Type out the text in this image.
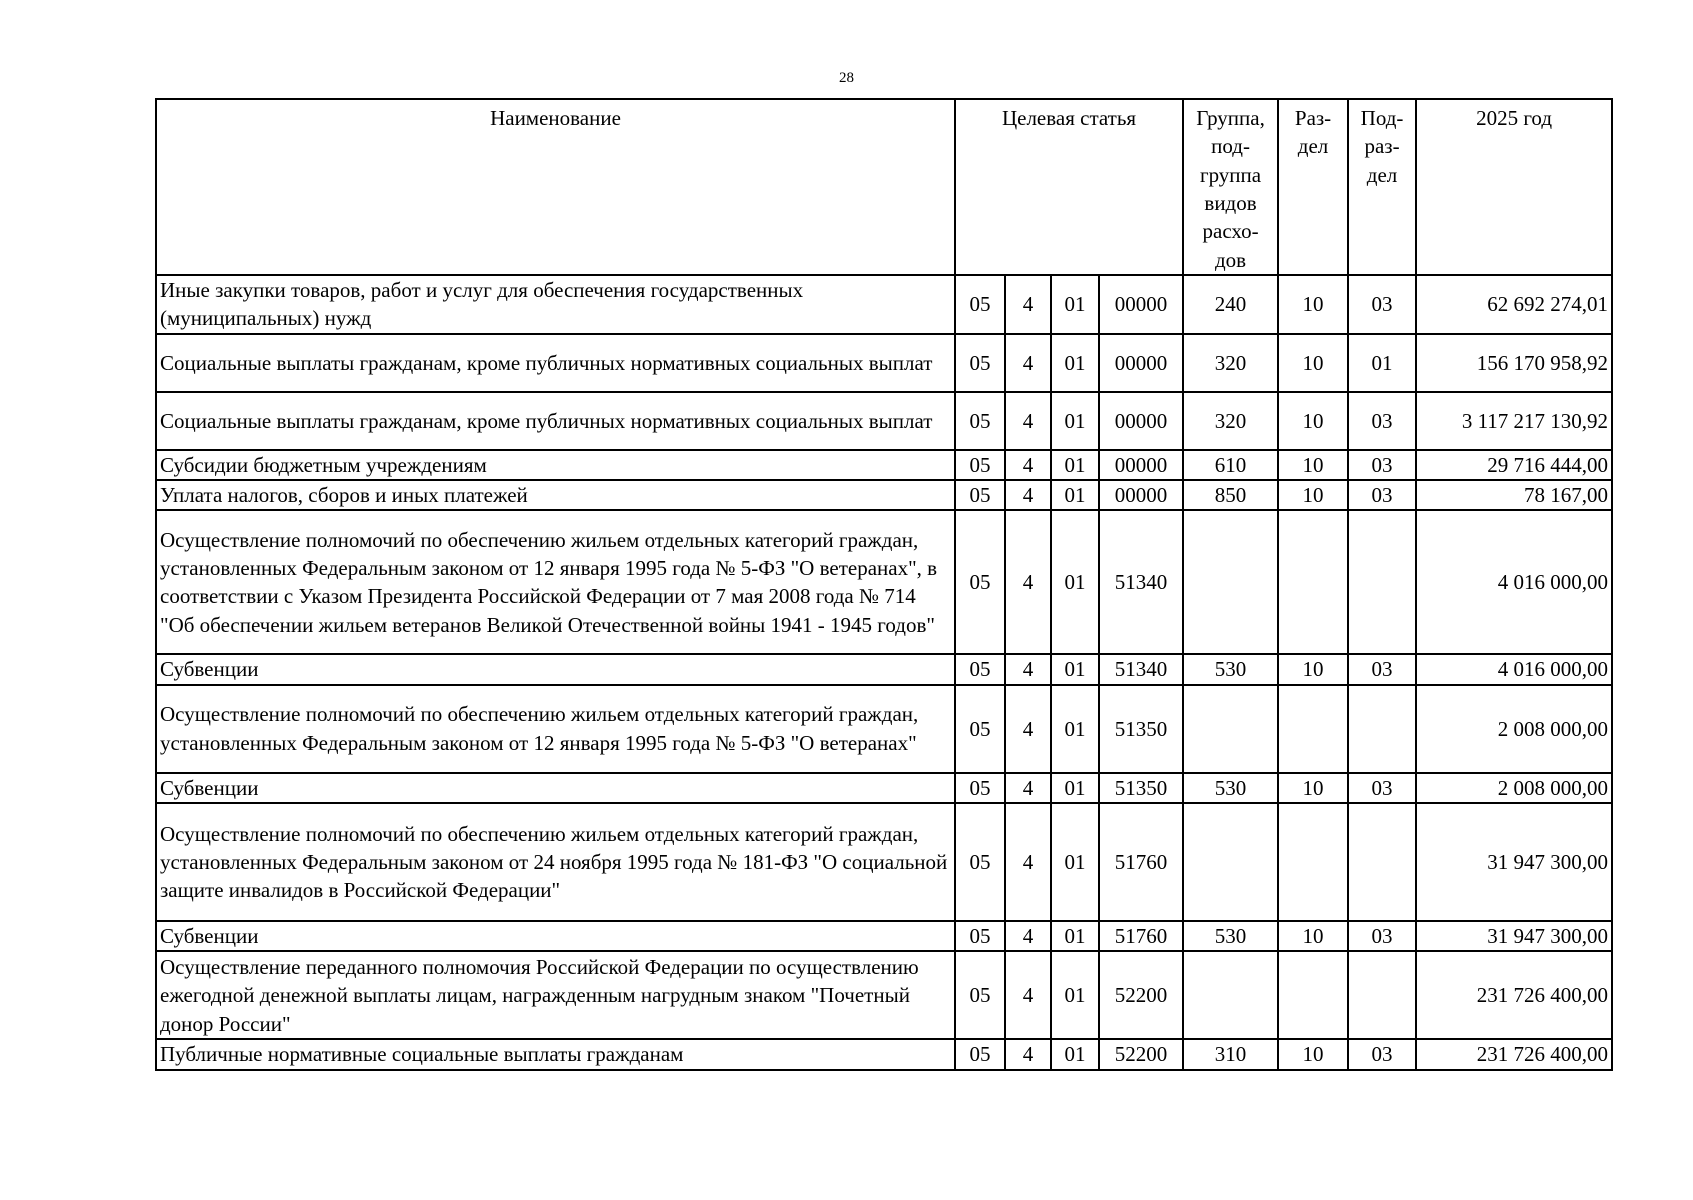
28
Наименование	Целевая статья				Группа, под-группа видов расхо-дов	Раз-дел	Под-раз-дел	2025 год
Иные закупки товаров, работ и услуг для обеспечения государственных (муниципальных) нужд	05	4	01	00000	240	10	03	62 692 274,01
Социальные выплаты гражданам, кроме публичных нормативных социальных выплат	05	4	01	00000	320	10	01	156 170 958,92
Социальные выплаты гражданам, кроме публичных нормативных социальных выплат	05	4	01	00000	320	10	03	3 117 217 130,92
Субсидии бюджетным учреждениям	05	4	01	00000	610	10	03	29 716 444,00
Уплата налогов, сборов и иных платежей	05	4	01	00000	850	10	03	78 167,00
Осуществление полномочий по обеспечению жильем отдельных категорий граждан, установленных Федеральным законом от 12 января 1995 года № 5-ФЗ "О ветеранах", в соответствии с Указом Президента Российской Федерации от 7 мая 2008 года № 714 "Об обеспечении жильем ветеранов Великой Отечественной войны 1941 - 1945 годов"	05	4	01	51340				4 016 000,00
Субвенции	05	4	01	51340	530	10	03	4 016 000,00
Осуществление полномочий по обеспечению жильем отдельных категорий граждан, установленных Федеральным законом от 12 января 1995 года № 5-ФЗ "О ветеранах"	05	4	01	51350				2 008 000,00
Субвенции	05	4	01	51350	530	10	03	2 008 000,00
Осуществление полномочий по обеспечению жильем отдельных категорий граждан, установленных Федеральным законом от 24 ноября 1995 года № 181-ФЗ "О социальной защите инвалидов в Российской Федерации"	05	4	01	51760				31 947 300,00
Субвенции	05	4	01	51760	530	10	03	31 947 300,00
Осуществление переданного полномочия Российской Федерации по осуществлению ежегодной денежной выплаты лицам, награжденным нагрудным знаком "Почетный донор России"	05	4	01	52200				231 726 400,00
Публичные нормативные социальные выплаты гражданам	05	4	01	52200	310	10	03	231 726 400,00
